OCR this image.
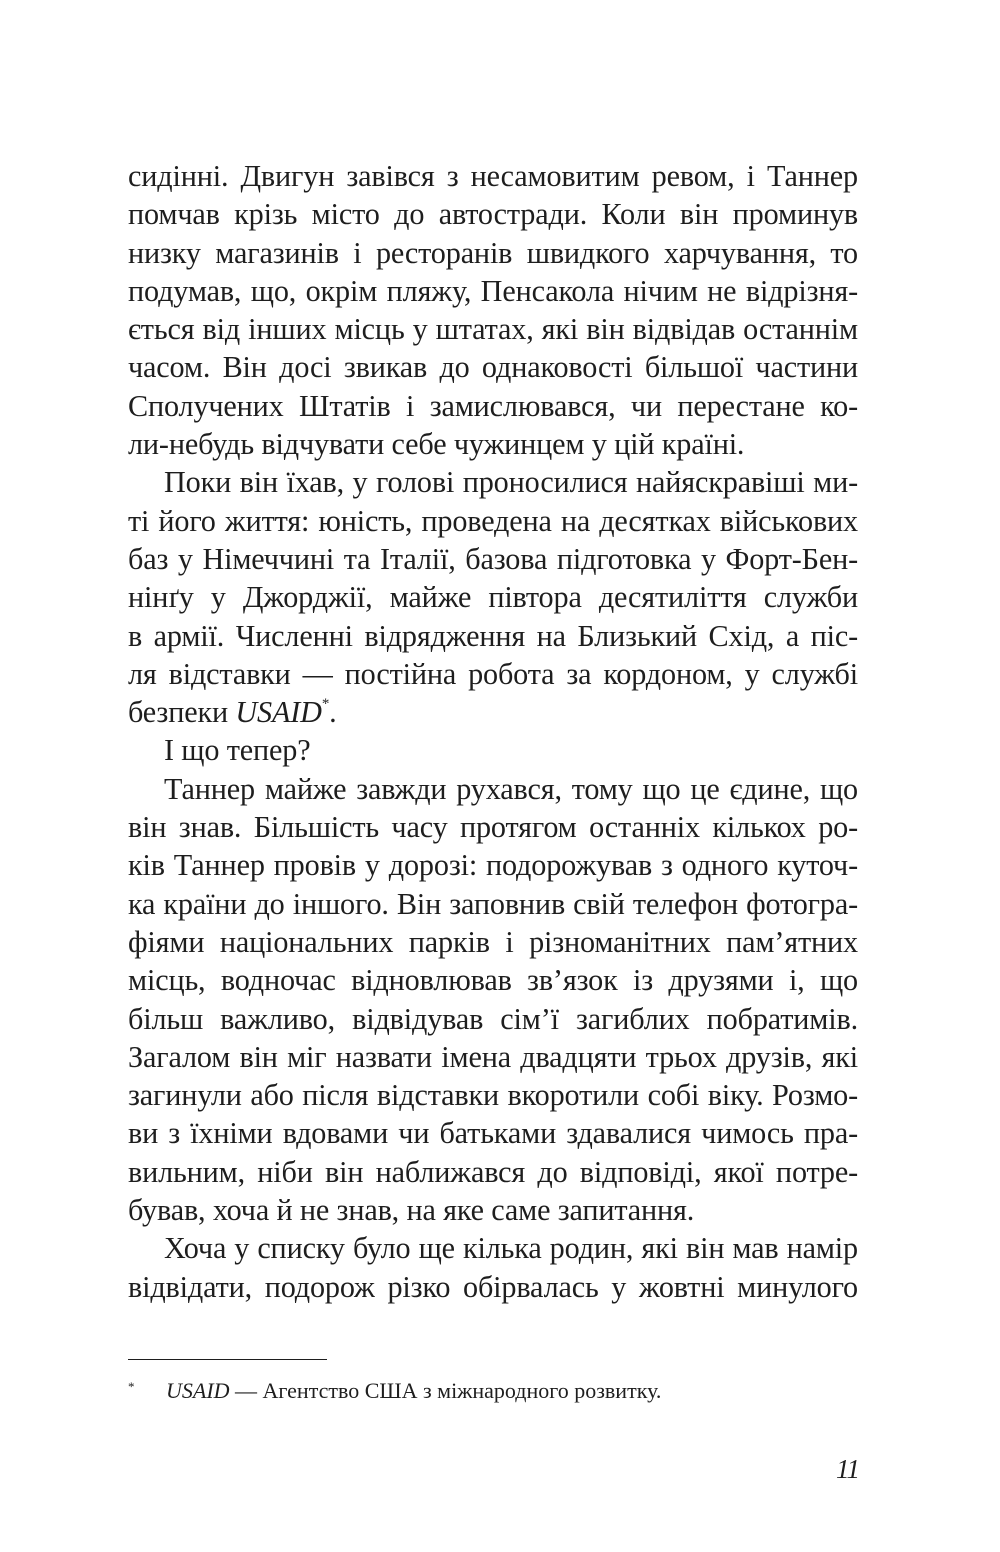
сидінні. Двигун завівся з несамовитим ревом, і Таннер
помчав крізь місто до автостради. Коли він проминув
низку магазинів і ресторанів швидкого харчування, то
подумав, що, окрім пляжу, Пенсакола нічим не відрізня-
ється від інших місць у штатах, які він відвідав останнім
часом. Він досі звикав до однаковості більшої частини
Сполучених Штатів і замислювався, чи перестане ко-
ли-небудь відчувати себе чужинцем у цій країні.
Поки він їхав, у голові проносилися найяскравіші ми-
ті його життя: юність, проведена на десятках військових
баз у Німеччині та Італії, базова підготовка у Форт-Бен-
нінґу у Джорджії, майже півтора десятиліття служби
в армії. Численні відрядження на Близький Схід, а піс-
ля відставки — постійна робота за кордоном, у службі
безпеки USAID*.
І що тепер?
Таннер майже завжди рухався, тому що це єдине, що
він знав. Більшість часу протягом останніх кількох ро-
ків Таннер провів у дорозі: подорожував з одного куточ-
ка країни до іншого. Він заповнив свій телефон фотогра-
фіями національних парків і різноманітних пам’ятних
місць, водночас відновлював зв’язок із друзями і, що
більш важливо, відвідував сім’ї загиблих побратимів.
Загалом він міг назвати імена двадцяти трьох друзів, які
загинули або після відставки вкоротили собі віку. Розмо-
ви з їхніми вдовами чи батьками здавалися чимось пра-
вильним, ніби він наближався до відповіді, якої потре-
бував, хоча й не знав, на яке саме запитання.
Хоча у списку було ще кілька родин, які він мав намір
відвідати, подорож різко обірвалась у жовтні минулого
* USAID — Агентство США з міжнародного розвитку.
11
